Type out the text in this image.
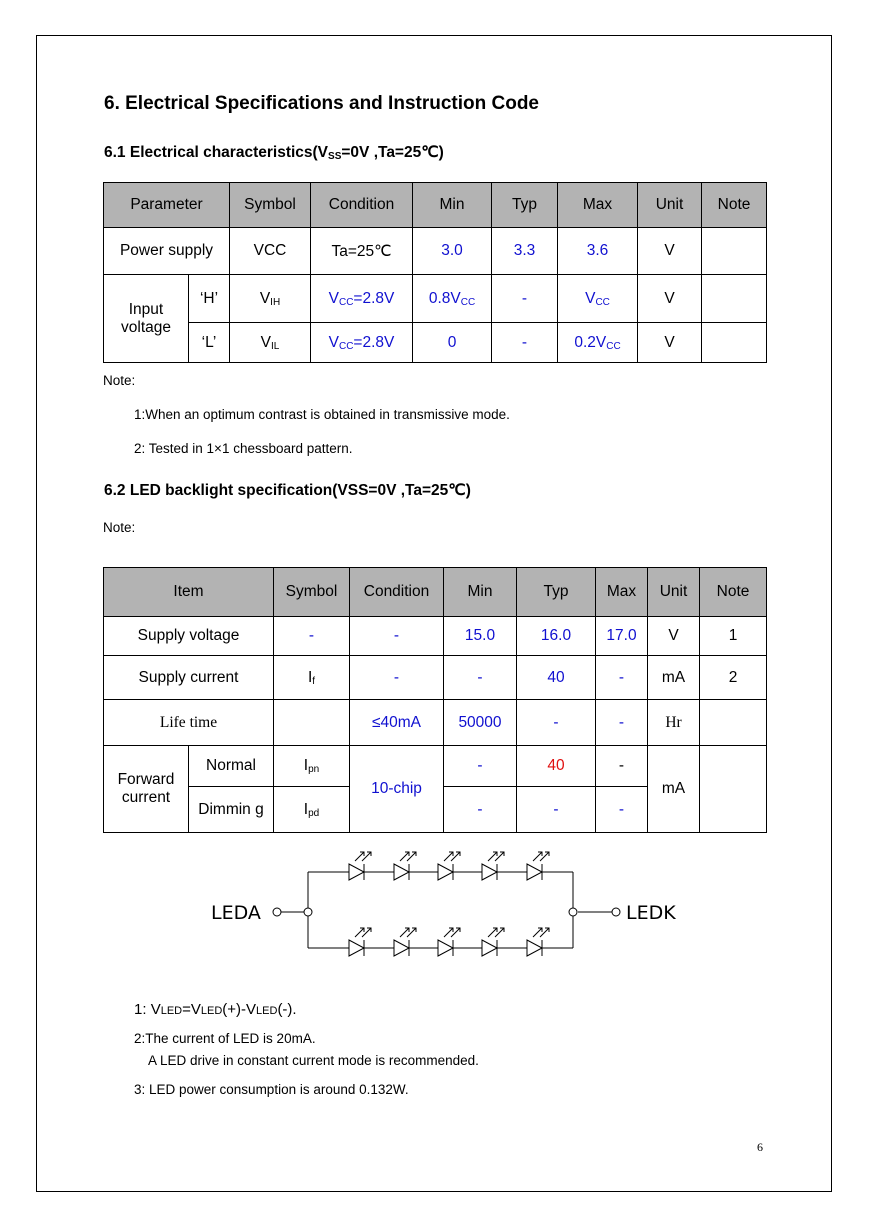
6. Electrical Specifications and Instruction Code
6.1 Electrical $characteristics(V_{SS}=0V$ ,Ta=25℃)
Parameter		Symbol	Condition	Min	Typ	Max	Unit	Note
Power supply		VCC	Ta=25℃	3.0	3.3	3.6	V	
Input voltage	‘H’	$V_{IH}$	$V_{CC}=2.8V$	$0.8V_{CC}$	-	$V_{CC}$	V	
	‘L’	$V_{IL}$	$V_{CC}=2.8V$	0	-	$0.2V_{CC}$	V	
Note:
1:When an optimum contrast is obtained in transmissive mode.
2: Tested in 1×1 chessboard pattern.
6.2 LED backlight specification(VSS=0V ,Ta=25℃)
Note:
Item		Symbol	Condition	Min	Typ	Max	Unit	Note
Supply voltage		-	-	15.0	16.0	17.0	V	1
Supply current		$I_f$	-	-	40	-	mA	2
Life time			≤40mA	50000	-	-	Hr	
Forward current	Normal	$I_{pn}$	10-chip	-	40	-	mA	
	Dimmin g	$I_{pd}$		-	-	-		
LEDA	LEDK
1: VLED=VLED(+)-VLED(-).
2:The current of LED is 20mA.
A LED drive in constant current mode is recommended.
3: LED power consumption is around 0.132W.
6
